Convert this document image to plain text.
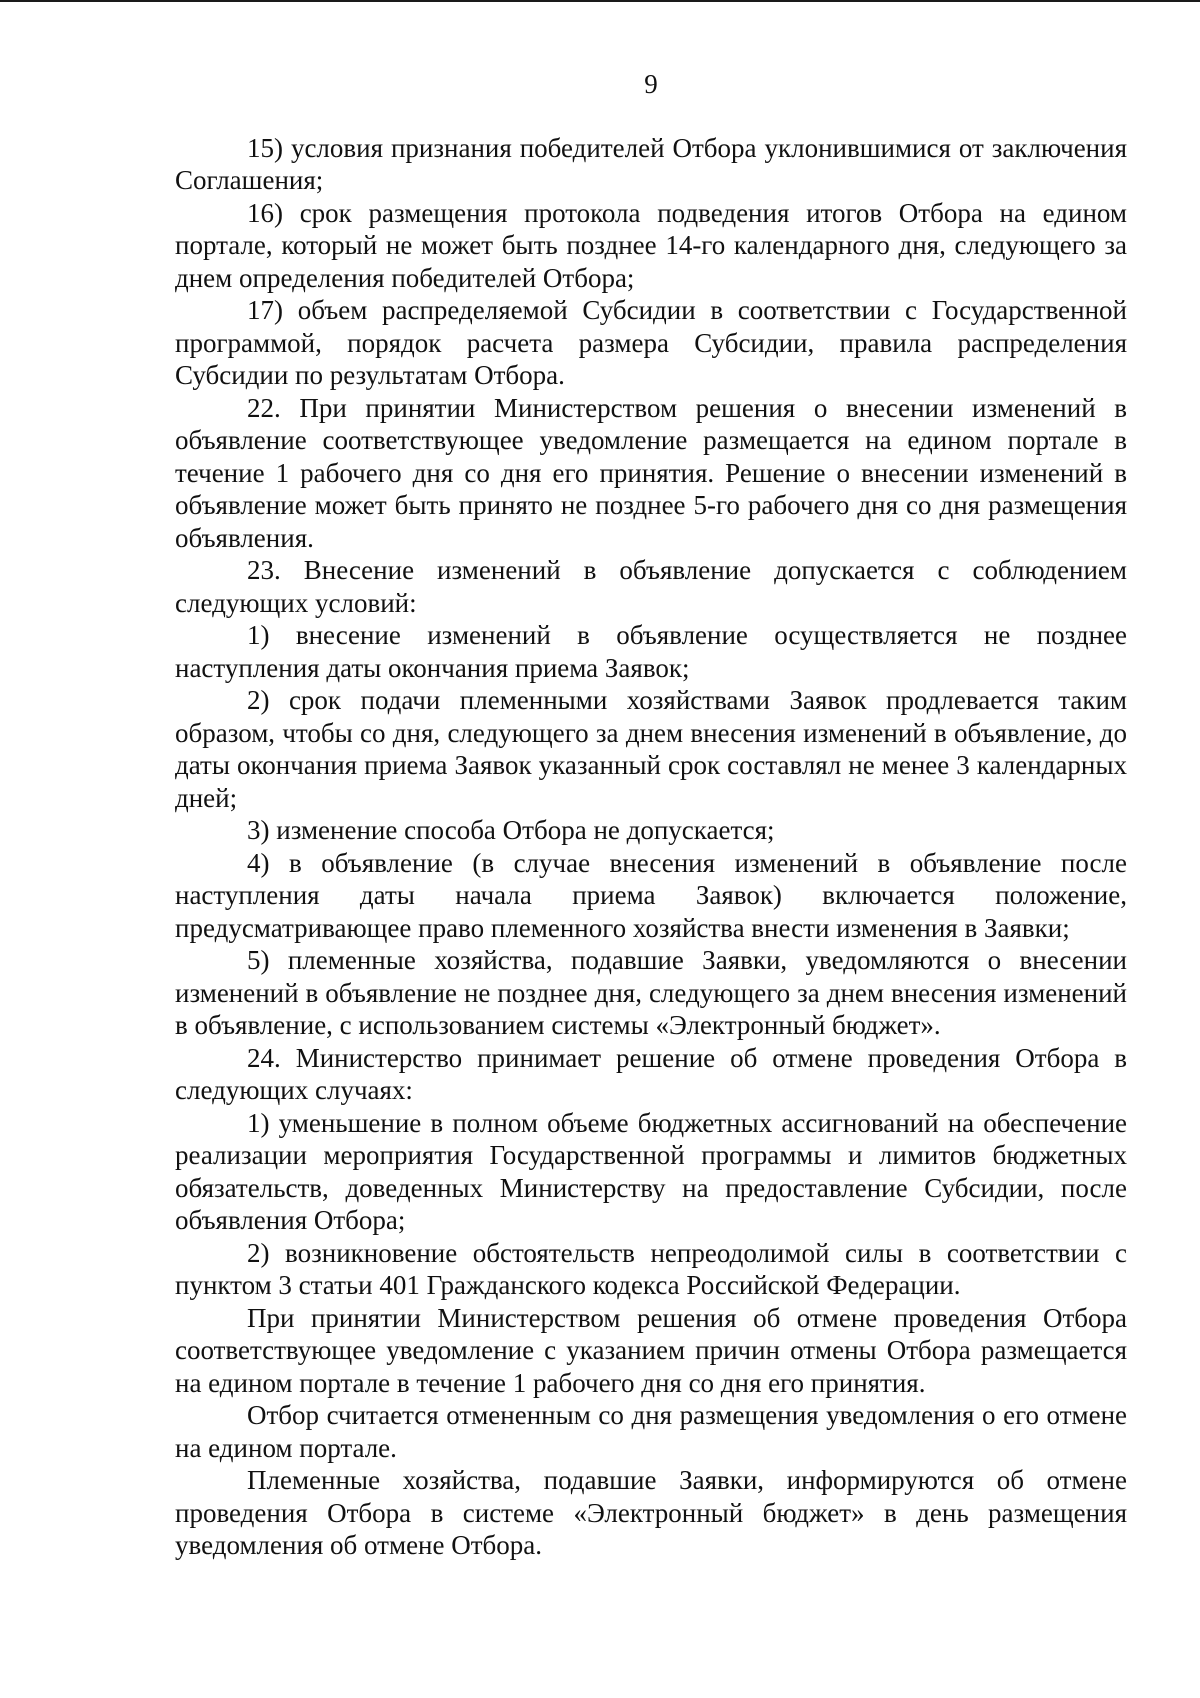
9

15) условия признания победителей Отбора уклонившимися от заключения Соглашения;

16) срок размещения протокола подведения итогов Отбора на едином портале, который не может быть позднее 14-го календарного дня, следующего за днем определения победителей Отбора;

17) объем распределяемой Субсидии в соответствии с Государственной программой, порядок расчета размера Субсидии, правила распределения Субсидии по результатам Отбора.

22. При принятии Министерством решения о внесении изменений в объявление соответствующее уведомление размещается на едином портале в течение 1 рабочего дня со дня его принятия. Решение о внесении изменений в объявление может быть принято не позднее 5-го рабочего дня со дня размещения объявления.

23. Внесение изменений в объявление допускается с соблюдением следующих условий:

1) внесение изменений в объявление осуществляется не позднее наступления даты окончания приема Заявок;

2) срок подачи племенными хозяйствами Заявок продлевается таким образом, чтобы со дня, следующего за днем внесения изменений в объявление, до даты окончания приема Заявок указанный срок составлял не менее 3 календарных дней;

3) изменение способа Отбора не допускается;

4) в объявление (в случае внесения изменений в объявление после наступления даты начала приема Заявок) включается положение, предусматривающее право племенного хозяйства внести изменения в Заявки;

5) племенные хозяйства, подавшие Заявки, уведомляются о внесении изменений в объявление не позднее дня, следующего за днем внесения изменений в объявление, с использованием системы «Электронный бюджет».

24. Министерство принимает решение об отмене проведения Отбора в следующих случаях:

1) уменьшение в полном объеме бюджетных ассигнований на обеспечение реализации мероприятия Государственной программы и лимитов бюджетных обязательств, доведенных Министерству на предоставление Субсидии, после объявления Отбора;

2) возникновение обстоятельств непреодолимой силы в соответствии с пунктом 3 статьи 401 Гражданского кодекса Российской Федерации.

При принятии Министерством решения об отмене проведения Отбора соответствующее уведомление с указанием причин отмены Отбора размещается на едином портале в течение 1 рабочего дня со дня его принятия.

Отбор считается отмененным со дня размещения уведомления о его отмене на едином портале.

Племенные хозяйства, подавшие Заявки, информируются об отмене проведения Отбора в системе «Электронный бюджет» в день размещения уведомления об отмене Отбора.
